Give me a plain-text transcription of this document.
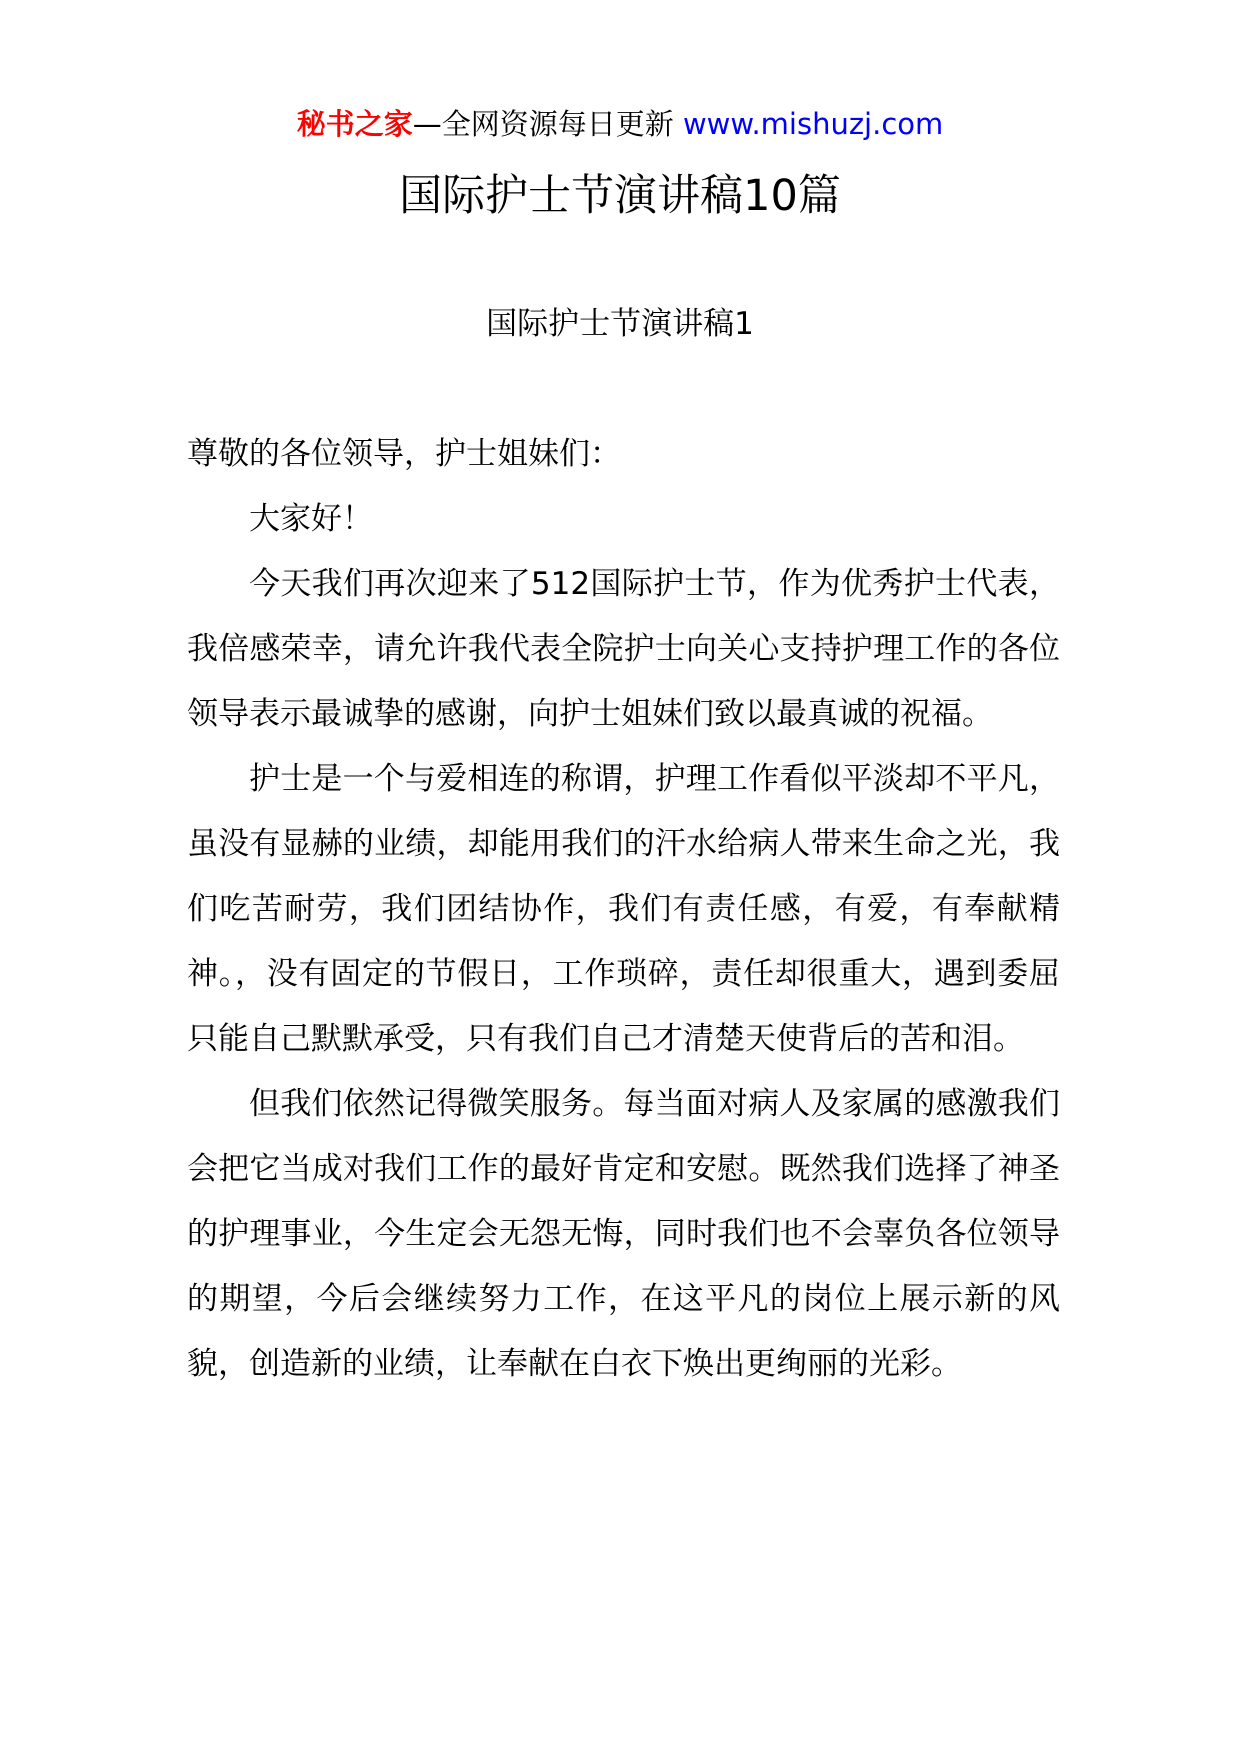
秘书之家—全网资源每日更新 www.mishuzj.com
国际护士节演讲稿10篇
国际护士节演讲稿1

尊敬的各位领导，护士姐妹们：

大家好！

今天我们再次迎来了512国际护士节，作为优秀护士代表，我倍感荣幸，请允许我代表全院护士向关心支持护理工作的各位领导表示最诚挚的感谢，向护士姐妹们致以最真诚的祝福。

护士是一个与爱相连的称谓，护理工作看似平淡却不平凡，虽没有显赫的业绩，却能用我们的汗水给病人带来生命之光，我们吃苦耐劳，我们团结协作，我们有责任感，有爱，有奉献精神。，没有固定的节假日，工作琐碎，责任却很重大，遇到委屈只能自己默默承受，只有我们自己才清楚天使背后的苦和泪。

但我们依然记得微笑服务。每当面对病人及家属的感激我们会把它当成对我们工作的最好肯定和安慰。既然我们选择了神圣的护理事业，今生定会无怨无悔，同时我们也不会辜负各位领导的期望，今后会继续努力工作，在这平凡的岗位上展示新的风貌，创造新的业绩，让奉献在白衣下焕出更绚丽的光彩。
